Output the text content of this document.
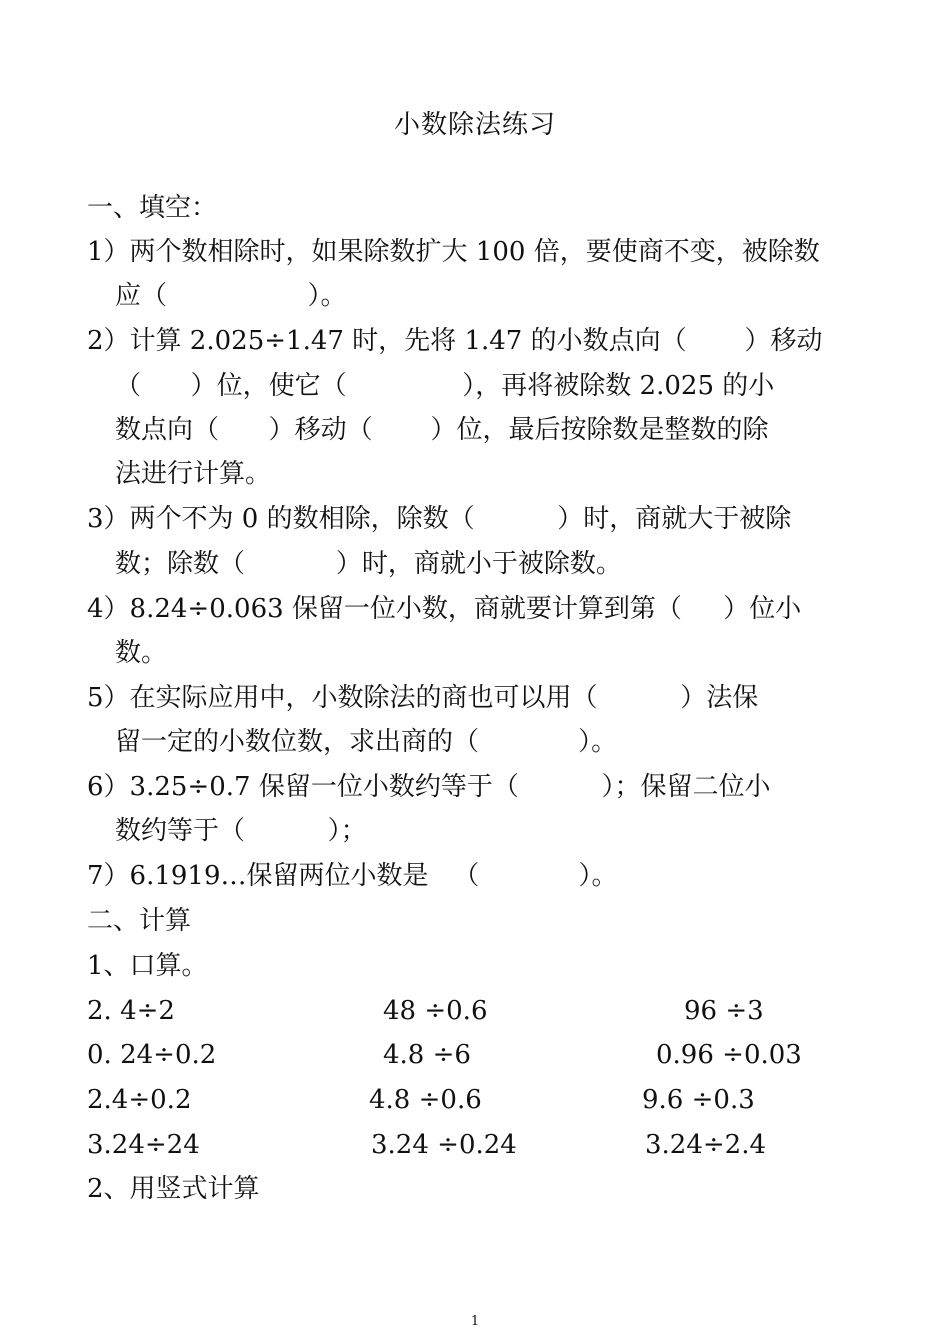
小数除法练习
一、填空：
1）两个数相除时，如果除数扩大 100 倍，要使商不变，被除数
应（                 ）。
2）计算 2.025÷1.47 时，先将 1.47 的小数点向（       ）移动
（      ）位，使它（              ），再将被除数 2.025 的小
数点向（      ）移动（       ）位，最后按除数是整数的除
法进行计算。
3）两个不为 0 的数相除，除数（          ）时，商就大于被除
数；除数（           ）时，商就小于被除数。
4）8.24÷0.063 保留一位小数，商就要计算到第（     ）位小
数。
5）在实际应用中，小数除法的商也可以用（          ）法保
留一定的小数位数，求出商的（            ）。
6）3.25÷0.7 保留一位小数约等于（          ）；保留二位小
数约等于（          ）；
7）6.1919…保留两位小数是   （            ）。
二、计算
1、口算。
2. 4÷2	48 ÷0.6	96 ÷3
0. 24÷0.2	4.8 ÷6	0.96 ÷0.03
2.4÷0.2	4.8 ÷0.6	9.6 ÷0.3
3.24÷24	3.24 ÷0.24	3.24÷2.4
2、用竖式计算
1
